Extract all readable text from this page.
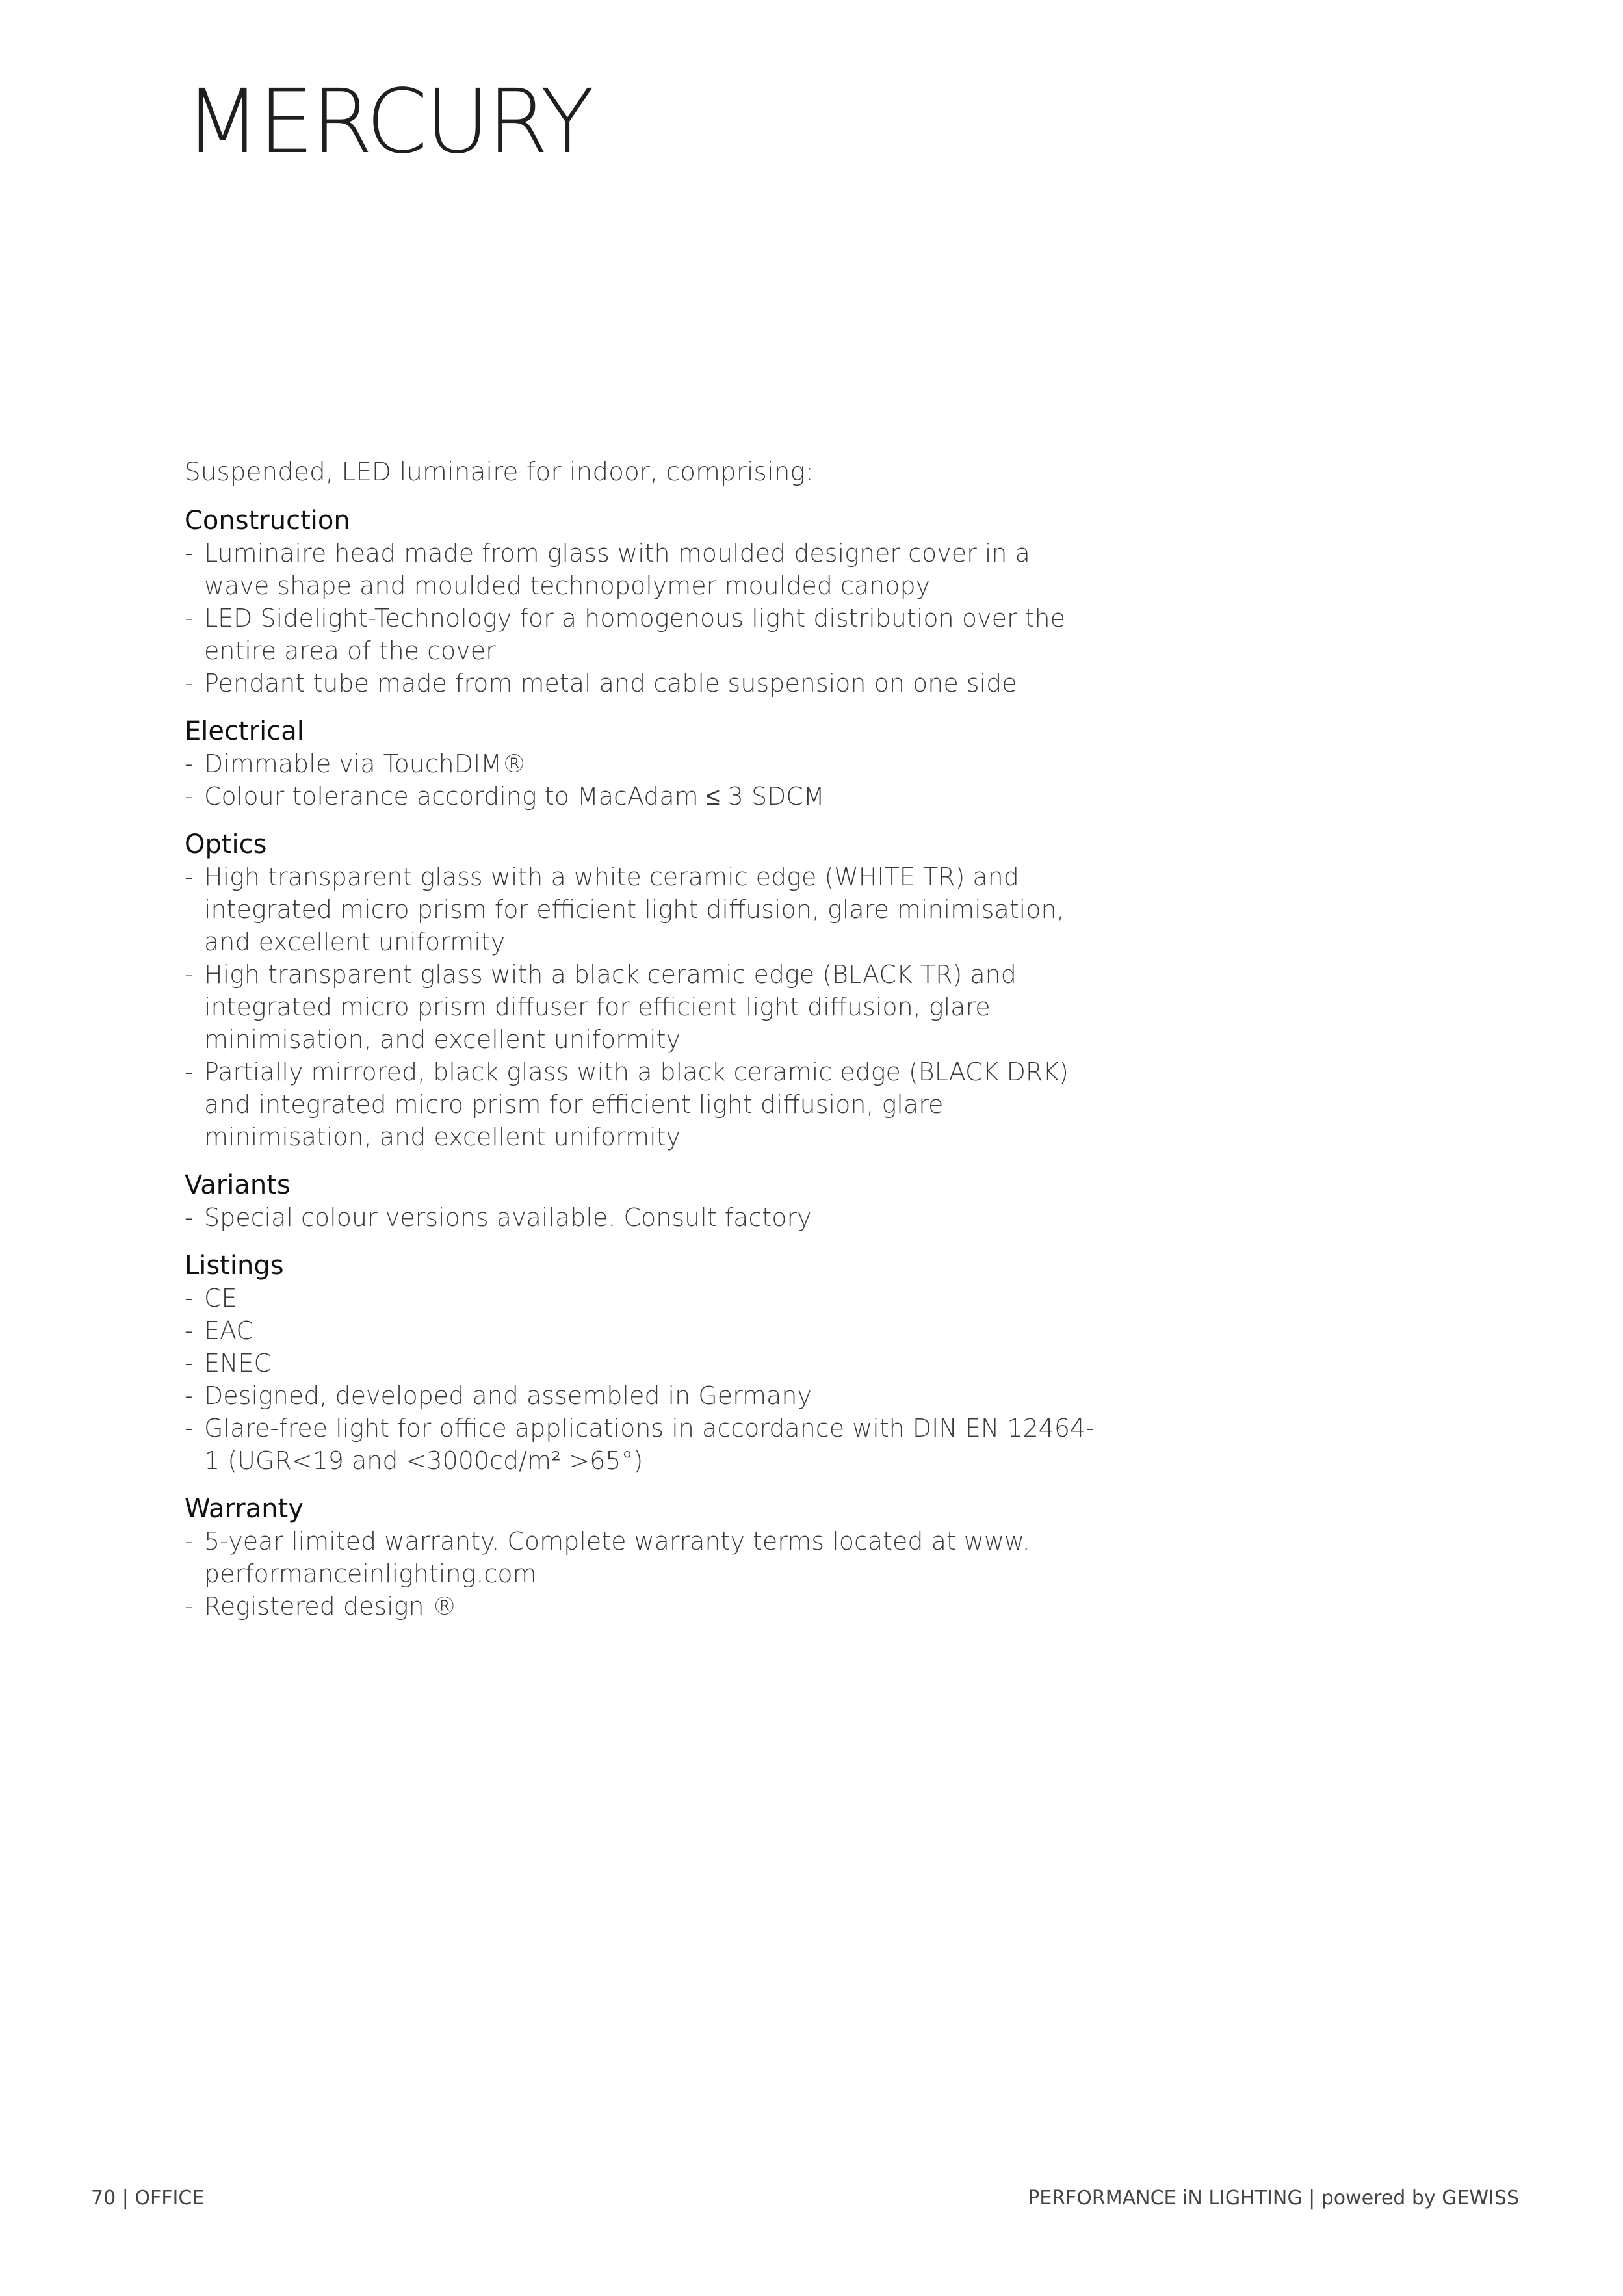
MERCURY

Suspended, LED luminaire for indoor, comprising:

Construction
- Luminaire head made from glass with moulded designer cover in a wave shape and moulded technopolymer moulded canopy
- LED Sidelight-Technology for a homogenous light distribution over the entire area of the cover
- Pendant tube made from metal and cable suspension on one side
Electrical
- Dimmable via TouchDIM®
- Colour tolerance according to MacAdam ≤ 3 SDCM
Optics
- High transparent glass with a white ceramic edge (WHITE TR) and integrated micro prism for efficient light diffusion, glare minimisation, and excellent uniformity
- High transparent glass with a black ceramic edge (BLACK TR) and integrated micro prism diffuser for efficient light diffusion, glare minimisation, and excellent uniformity
- Partially mirrored, black glass with a black ceramic edge (BLACK DRK) and integrated micro prism for efficient light diffusion, glare minimisation, and excellent uniformity
Variants
- Special colour versions available. Consult factory
Listings
- CE
- EAC
- ENEC
- Designed, developed and assembled in Germany
- Glare-free light for office applications in accordance with DIN EN 12464-1 (UGR<19 and <3000cd/m² >65°)
Warranty
- 5-year limited warranty. Complete warranty terms located at www. performanceinlighting.com
- Registered design ®
70 | OFFICE	PERFORMANCE iN LIGHTING | powered by GEWISS
